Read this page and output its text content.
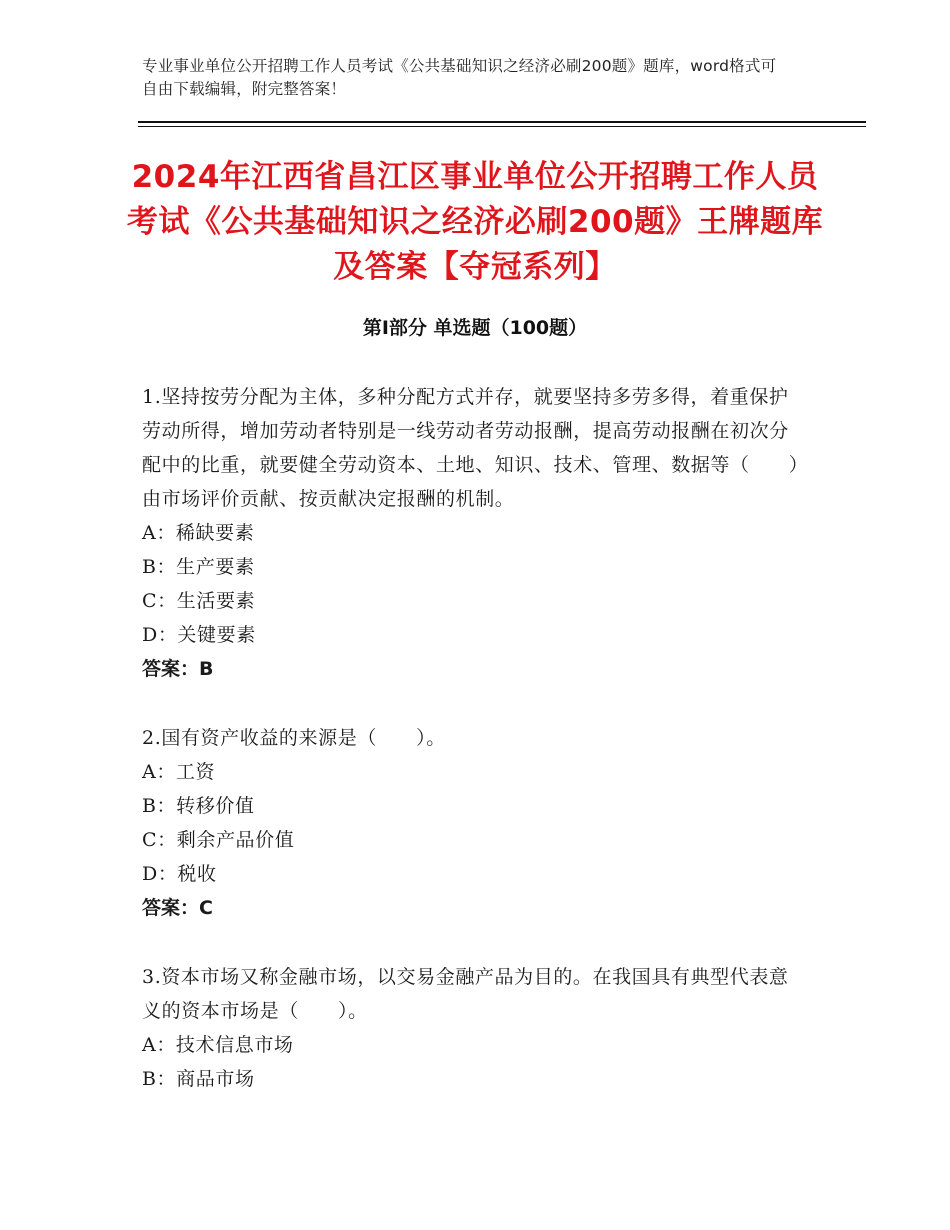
专业事业单位公开招聘工作人员考试《公共基础知识之经济必刷200题》题库，word格式可自由下载编辑，附完整答案！
2024年江西省昌江区事业单位公开招聘工作人员考试《公共基础知识之经济必刷200题》王牌题库及答案【夺冠系列】
第Ⅰ部分 单选题（100题）
1.坚持按劳分配为主体，多种分配方式并存，就要坚持多劳多得，着重保护劳动所得，增加劳动者特别是一线劳动者劳动报酬，提高劳动报酬在初次分配中的比重，就要健全劳动资本、土地、知识、技术、管理、数据等（　　）由市场评价贡献、按贡献决定报酬的机制。
A：稀缺要素
B：生产要素
C：生活要素
D：关键要素
答案：B
2.国有资产收益的来源是（　　）。
A：工资
B：转移价值
C：剩余产品价值
D：税收
答案：C
3.资本市场又称金融市场，以交易金融产品为目的。在我国具有典型代表意义的资本市场是（　　）。
A：技术信息市场
B：商品市场
